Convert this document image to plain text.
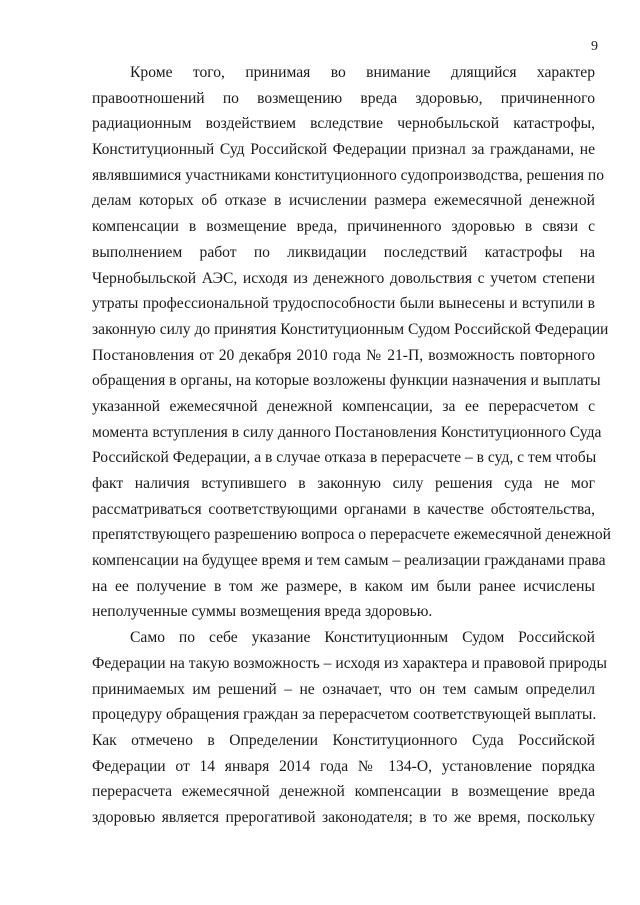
9
Кроме того, принимая во внимание длящийся характер
правоотношений по возмещению вреда здоровью, причиненного
радиационным воздействием вследствие чернобыльской катастрофы,
Конституционный Суд Российской Федерации признал за гражданами, не
являвшимися участниками конституционного судопроизводства, решения по
делам которых об отказе в исчислении размера ежемесячной денежной
компенсации в возмещение вреда, причиненного здоровью в связи с
выполнением работ по ликвидации последствий катастрофы на
Чернобыльской АЭС, исходя из денежного довольствия с учетом степени
утраты профессиональной трудоспособности были вынесены и вступили в
законную силу до принятия Конституционным Судом Российской Федерации
Постановления от 20 декабря 2010 года № 21-П, возможность повторного
обращения в органы, на которые возложены функции назначения и выплаты
указанной ежемесячной денежной компенсации, за ее перерасчетом с
момента вступления в силу данного Постановления Конституционного Суда
Российской Федерации, а в случае отказа в перерасчете – в суд, с тем чтобы
факт наличия вступившего в законную силу решения суда не мог
рассматриваться соответствующими органами в качестве обстоятельства,
препятствующего разрешению вопроса о перерасчете ежемесячной денежной
компенсации на будущее время и тем самым – реализации гражданами права
на ее получение в том же размере, в каком им были ранее исчислены
неполученные суммы возмещения вреда здоровью.
Само по себе указание Конституционным Судом Российской
Федерации на такую возможность – исходя из характера и правовой природы
принимаемых им решений – не означает, что он тем самым определил
процедуру обращения граждан за перерасчетом соответствующей выплаты.
Как отмечено в Определении Конституционного Суда Российской
Федерации от 14 января 2014 года № 134-О, установление порядка
перерасчета ежемесячной денежной компенсации в возмещение вреда
здоровью является прерогативой законодателя; в то же время, поскольку
